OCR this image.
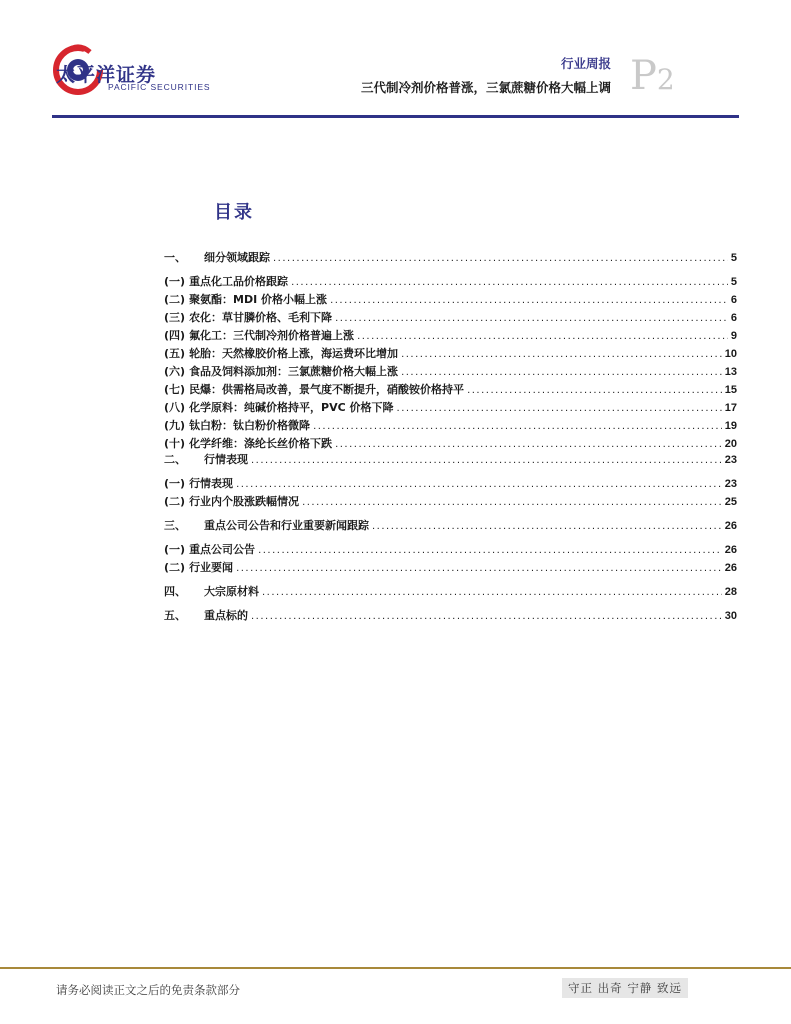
太平洋证券
PACIFIC SECURITIES
行业周报
三代制冷剂价格普涨，三氯蔗糖价格大幅上调 P2
目录
一、	细分领域跟踪 .....	5
(一) 重点化工品价格跟踪 .....	5
(二) 聚氨酯：MDI 价格小幅上涨 .....	6
(三) 农化：草甘膦价格、毛利下降 .....	6
(四) 氟化工：三代制冷剂价格普遍上涨 .....	9
(五) 轮胎：天然橡胶价格上涨，海运费环比增加 .....	10
(六) 食品及饲料添加剂：三氯蔗糖价格大幅上涨 .....	13
(七) 民爆：供需格局改善，景气度不断提升，硝酸铵价格持平 .....	15
(八) 化学原料：纯碱价格持平，PVC 价格下降 .....	17
(九) 钛白粉：钛白粉价格微降 .....	19
(十) 化学纤维：涤纶长丝价格下跌 .....	20
二、	行情表现 .....	23
(一) 行情表现 .....	23
(二) 行业内个股涨跌幅情况 .....	25
三、	重点公司公告和行业重要新闻跟踪 .....	26
(一) 重点公司公告 .....	26
(二) 行业要闻 .....	26
四、	大宗原材料 .....	28
五、	重点标的 .....	30
请务必阅读正文之后的免责条款部分	守正 出奇 宁静 致远
